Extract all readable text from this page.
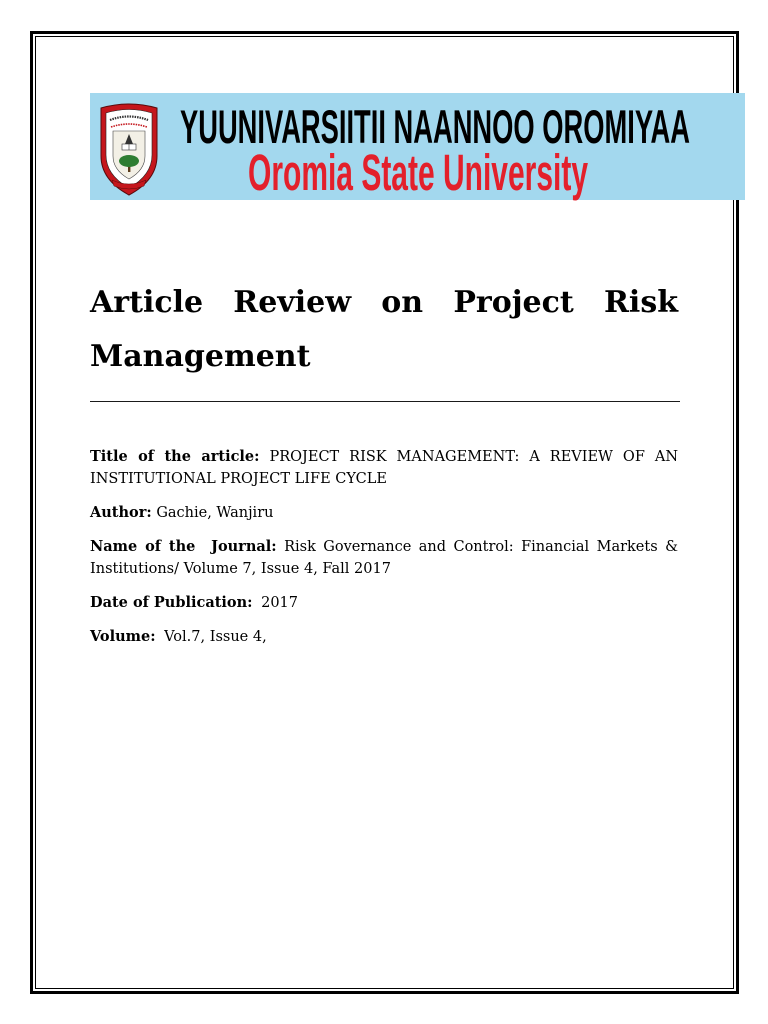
YUUNIVARSIITII NAANNOO OROMIYAA
Oromia State University
Article Review on Project Risk Management

Title of the article: PROJECT RISK MANAGEMENT: A REVIEW OF AN INSTITUTIONAL PROJECT LIFE CYCLE

Author: Gachie, Wanjiru

Name of the  Journal: Risk Governance and Control: Financial Markets & Institutions/ Volume 7, Issue 4, Fall 2017

Date of Publication: 2017

Volume: Vol.7, Issue 4,
